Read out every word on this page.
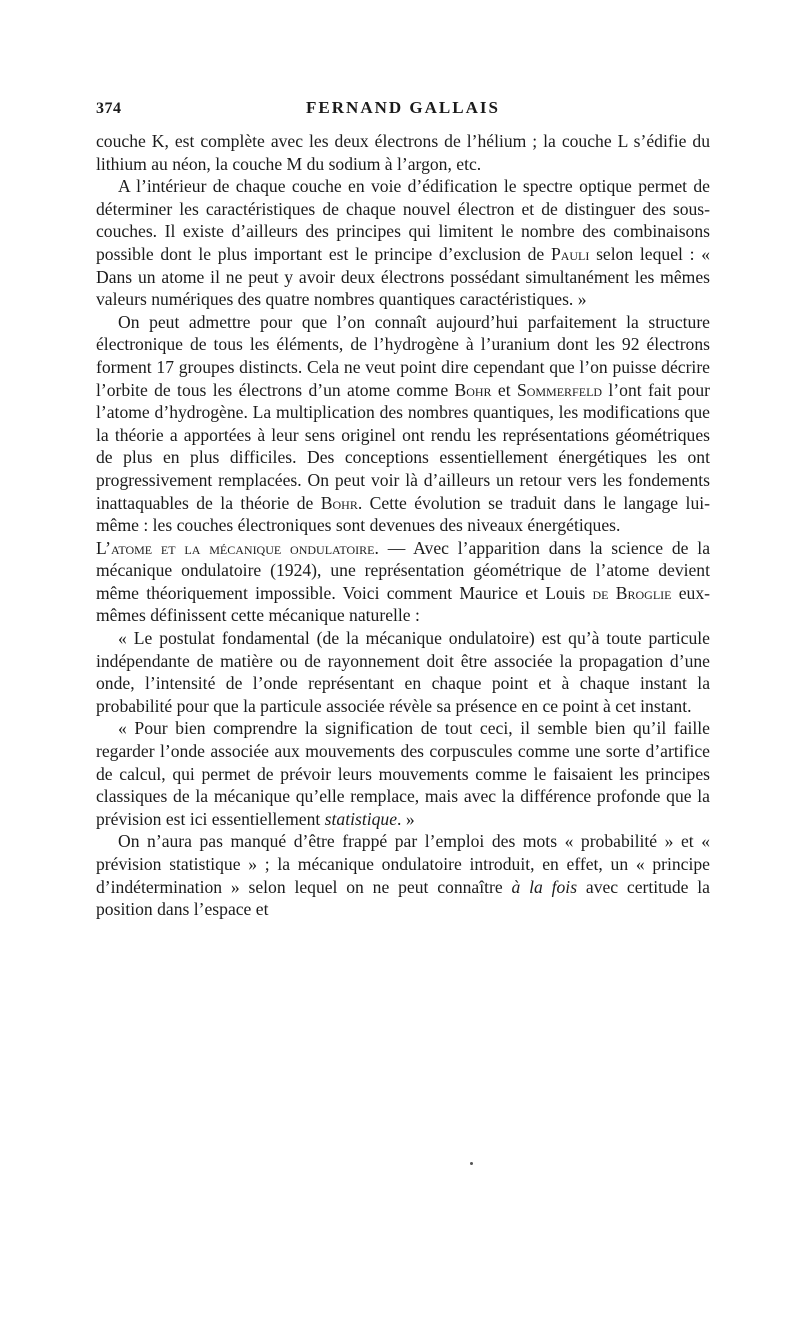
374	FERNAND GALLAIS

couche K, est complète avec les deux électrons de l’hélium ; la couche L s’édifie du lithium au néon, la couche M du sodium à l’argon, etc.

A l’intérieur de chaque couche en voie d’édification le spectre optique permet de déterminer les caractéristiques de chaque nouvel électron et de distinguer des sous-couches. Il existe d’ailleurs des principes qui limitent le nombre des combinaisons possible dont le plus important est le principe d’exclusion de Pauli selon lequel : « Dans un atome il ne peut y avoir deux électrons possédant simultanément les mêmes valeurs numériques des quatre nombres quantiques caractéristiques. »

On peut admettre pour que l’on connaît aujourd’hui parfaitement la structure électronique de tous les éléments, de l’hydrogène à l’uranium dont les 92 électrons forment 17 groupes distincts. Cela ne veut point dire cependant que l’on puisse décrire l’orbite de tous les électrons d’un atome comme Bohr et Sommerfeld l’ont fait pour l’atome d’hydrogène. La multiplication des nombres quantiques, les modifications que la théorie a apportées à leur sens originel ont rendu les représentations géométriques de plus en plus difficiles. Des conceptions essentiellement énergétiques les ont progressivement remplacées. On peut voir là d’ailleurs un retour vers les fondements inattaquables de la théorie de Bohr. Cette évolution se traduit dans le langage lui-même : les couches électroniques sont devenues des niveaux énergétiques.

L’atome et la mécanique ondulatoire. — Avec l’apparition dans la science de la mécanique ondulatoire (1924), une représentation géométrique de l’atome devient même théoriquement impossible. Voici comment Maurice et Louis de Broglie eux-mêmes définissent cette mécanique naturelle :

« Le postulat fondamental (de la mécanique ondulatoire) est qu’à toute particule indépendante de matière ou de rayonnement doit être associée la propagation d’une onde, l’intensité de l’onde représentant en chaque point et à chaque instant la probabilité pour que la particule associée révèle sa présence en ce point à cet instant.

« Pour bien comprendre la signification de tout ceci, il semble bien qu’il faille regarder l’onde associée aux mouvements des corpuscules comme une sorte d’artifice de calcul, qui permet de prévoir leurs mouvements comme le faisaient les principes classiques de la mécanique qu’elle remplace, mais avec la différence profonde que la prévision est ici essentiellement statistique. »

On n’aura pas manqué d’être frappé par l’emploi des mots « probabilité » et « prévision statistique » ; la mécanique ondulatoire introduit, en effet, un « principe d’indétermination » selon lequel on ne peut connaître à la fois avec certitude la position dans l’espace et
